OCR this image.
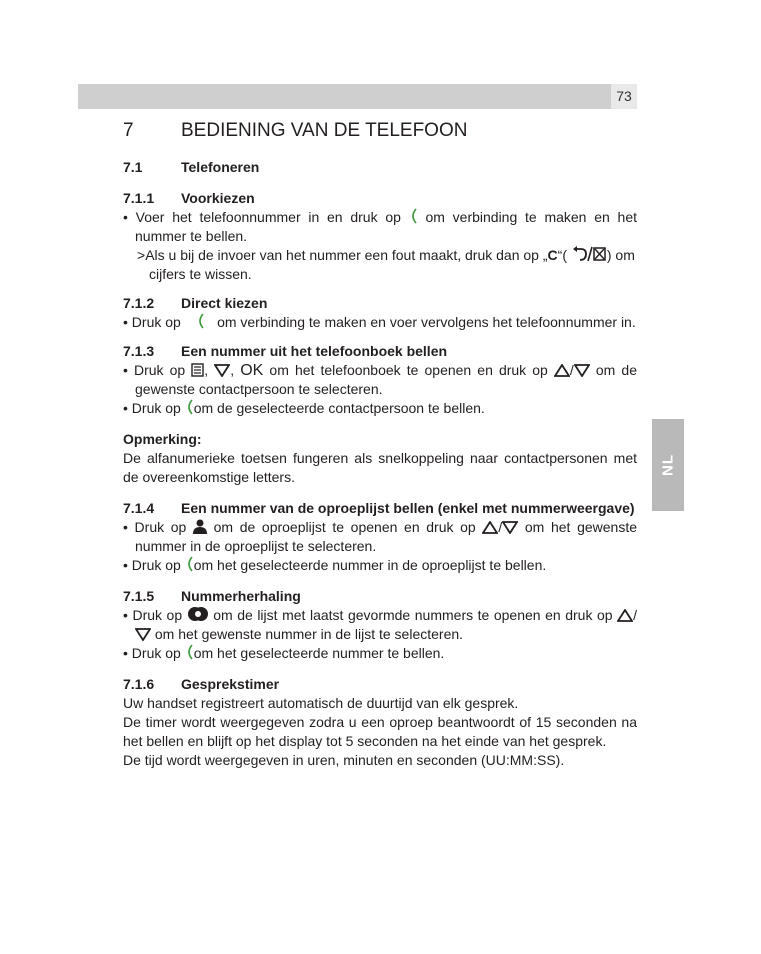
73
NL
7 BEDIENING VAN DE TELEFOON
7.1	Telefoneren
7.1.1	Voorkiezen
• Voer het telefoonnummer in en druk op om verbinding te maken en het nummer te bellen.
>Als u bij de invoer van het nummer een fout maakt, druk dan op „C“(	) om cijfers te wissen.
7.1.2	Direct kiezen
• Druk op	om verbinding te maken en voer vervolgens het telefoonnummer in.
7.1.3	Een nummer uit het telefoonboek bellen
• Druk op , , OK om het telefoonboek te openen en druk op / om de gewenste contactpersoon te selecteren.
• Druk op om de geselecteerde contactpersoon te bellen.
Opmerking:
De alfanumerieke toetsen fungeren als snelkoppeling naar contactpersonen met de overeenkomstige letters.
7.1.4	Een nummer van de oproeplijst bellen (enkel met nummerweergave)
• Druk op om de oproeplijst te openen en druk op / om het gewenste nummer in de oproeplijst te selecteren.
• Druk op om het geselecteerde nummer in de oproeplijst te bellen.
7.1.5	Nummerherhaling
• Druk op om de lijst met laatst gevormde nummers te openen en druk op / om het gewenste nummer in de lijst te selecteren.
• Druk op om het geselecteerde nummer te bellen.
7.1.6	Gesprekstimer
Uw handset registreert automatisch de duurtijd van elk gesprek.
De timer wordt weergegeven zodra u een oproep beantwoordt of 15 seconden na het bellen en blijft op het display tot 5 seconden na het einde van het gesprek.
De tijd wordt weergegeven in uren, minuten en seconden (UU:MM:SS).
